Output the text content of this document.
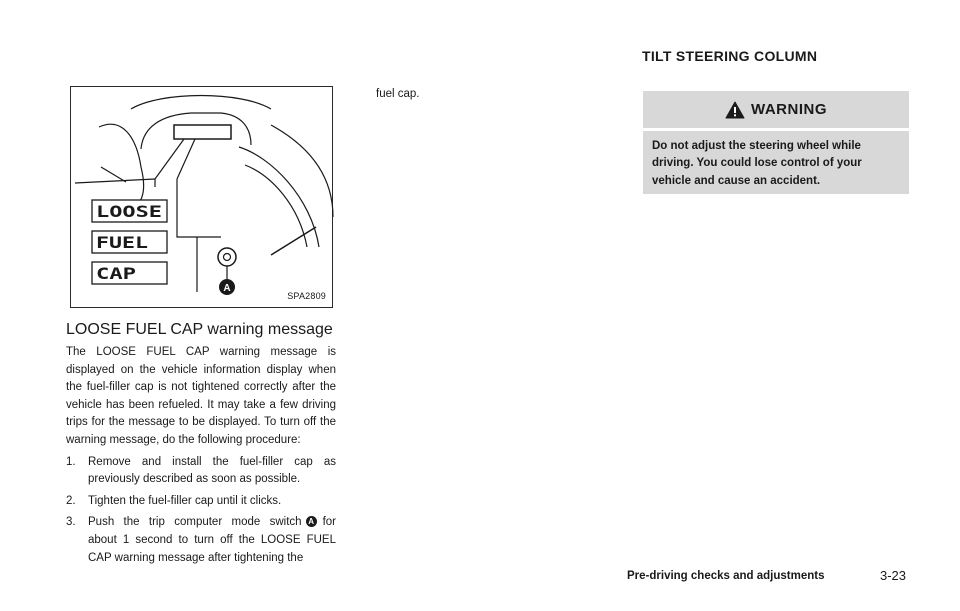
LOOSE
FUEL
CAP
A
SPA2809
LOOSE FUEL CAP warning message

The LOOSE FUEL CAP warning message is displayed on the vehicle information display when the fuel-filler cap is not tightened correctly after the vehicle has been refueled. It may take a few driving trips for the message to be displayed. To turn off the warning message, do the following procedure:

1. Remove and install the fuel-filler cap as previously described as soon as possible.
2. Tighten the fuel-filler cap until it clicks.
3. Push the trip computer mode switch A for about 1 second to turn off the LOOSE FUEL CAP warning message after tightening the

fuel cap.

TILT STEERING COLUMN
WARNING

Do not adjust the steering wheel while driving. You could lose control of your vehicle and cause an accident.

Pre-driving checks and adjustments	3-23
